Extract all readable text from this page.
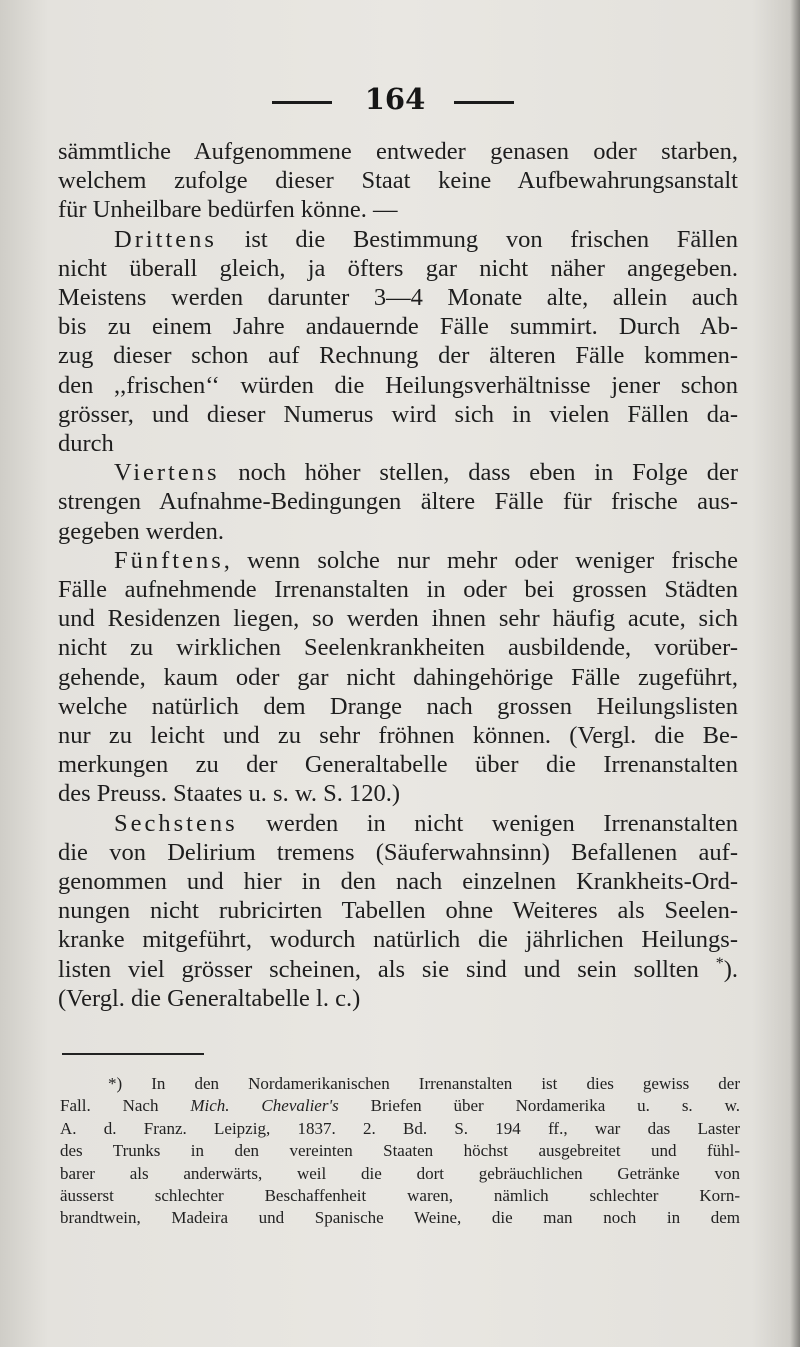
164
sämmtliche Aufgenommene entweder genasen oder starben,
welchem zufolge dieser Staat keine Aufbewahrungsanstalt
für Unheilbare bedürfen könne. —
Drittens ist die Bestimmung von frischen Fällen
nicht überall gleich, ja öfters gar nicht näher angegeben.
Meistens werden darunter 3—4 Monate alte, allein auch
bis zu einem Jahre andauernde Fälle summirt. Durch Ab-
zug dieser schon auf Rechnung der älteren Fälle kommen-
den ,,frischen‘‘ würden die Heilungsverhältnisse jener schon
grösser, und dieser Numerus wird sich in vielen Fällen da-
durch
Viertens noch höher stellen, dass eben in Folge der
strengen Aufnahme-Bedingungen ältere Fälle für frische aus-
gegeben werden.
Fünftens, wenn solche nur mehr oder weniger frische
Fälle aufnehmende Irrenanstalten in oder bei grossen Städten
und Residenzen liegen, so werden ihnen sehr häufig acute, sich
nicht zu wirklichen Seelenkrankheiten ausbildende, vorüber-
gehende, kaum oder gar nicht dahingehörige Fälle zugeführt,
welche natürlich dem Drange nach grossen Heilungslisten
nur zu leicht und zu sehr fröhnen können. (Vergl. die Be-
merkungen zu der Generaltabelle über die Irrenanstalten
des Preuss. Staates u. s. w. S. 120.)
Sechstens werden in nicht wenigen Irrenanstalten
die von Delirium tremens (Säuferwahnsinn) Befallenen auf-
genommen und hier in den nach einzelnen Krankheits-Ord-
nungen nicht rubricirten Tabellen ohne Weiteres als Seelen-
kranke mitgeführt, wodurch natürlich die jährlichen Heilungs-
listen viel grösser scheinen, als sie sind und sein sollten *).
(Vergl. die Generaltabelle l. c.)
*) In den Nordamerikanischen Irrenanstalten ist dies gewiss der
Fall. Nach Mich. Chevalier's Briefen über Nordamerika u. s. w.
A. d. Franz. Leipzig, 1837. 2. Bd. S. 194 ff., war das Laster
des Trunks in den vereinten Staaten höchst ausgebreitet und fühl-
barer als anderwärts, weil die dort gebräuchlichen Getränke von
äusserst schlechter Beschaffenheit waren, nämlich schlechter Korn-
brandtwein, Madeira und Spanische Weine, die man noch in dem
